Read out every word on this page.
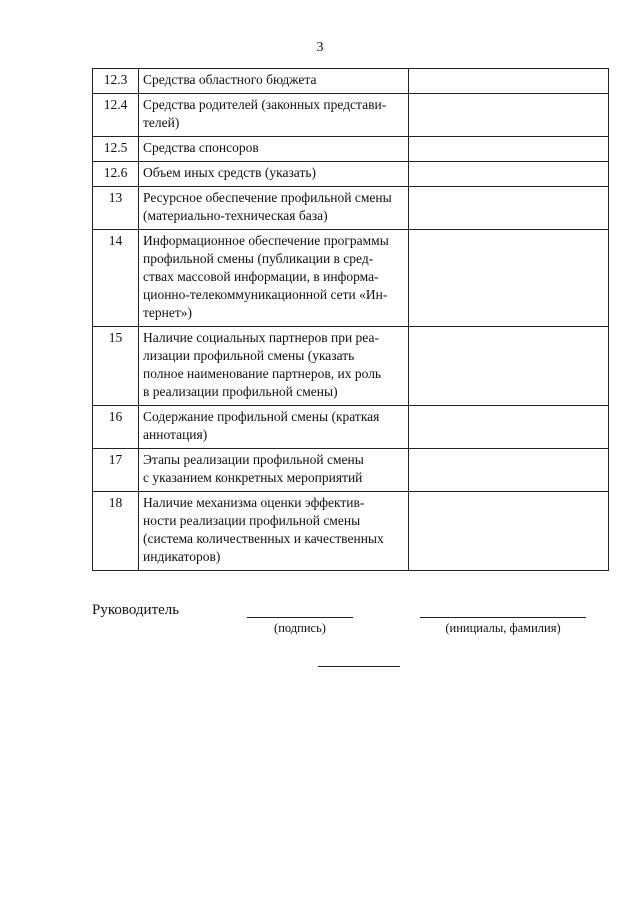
3
12.3	Средства областного бюджета	

12.4	Средства родителей (законных представи-
телей)	

12.5	Средства спонсоров	

12.6	Объем иных средств (указать)	

13	Ресурсное обеспечение профильной смены
(материально-техническая база)	

14	Информационное обеспечение программы
профильной смены (публикации в сред-
ствах массовой информации, в информа-
ционно-телекоммуникационной сети «Ин-
тернет»)	

15	Наличие социальных партнеров при реа-
лизации профильной смены (указать
полное наименование партнеров, их роль
в реализации профильной смены)	

16	Содержание профильной смены (краткая
аннотация)	

17	Этапы реализации профильной смены
с указанием конкретных мероприятий	

18	Наличие механизма оценки эффектив-
ности реализации профильной смены
(система количественных и качественных
индикаторов)	

Руководитель
(подпись)	(инициалы, фамилия)
